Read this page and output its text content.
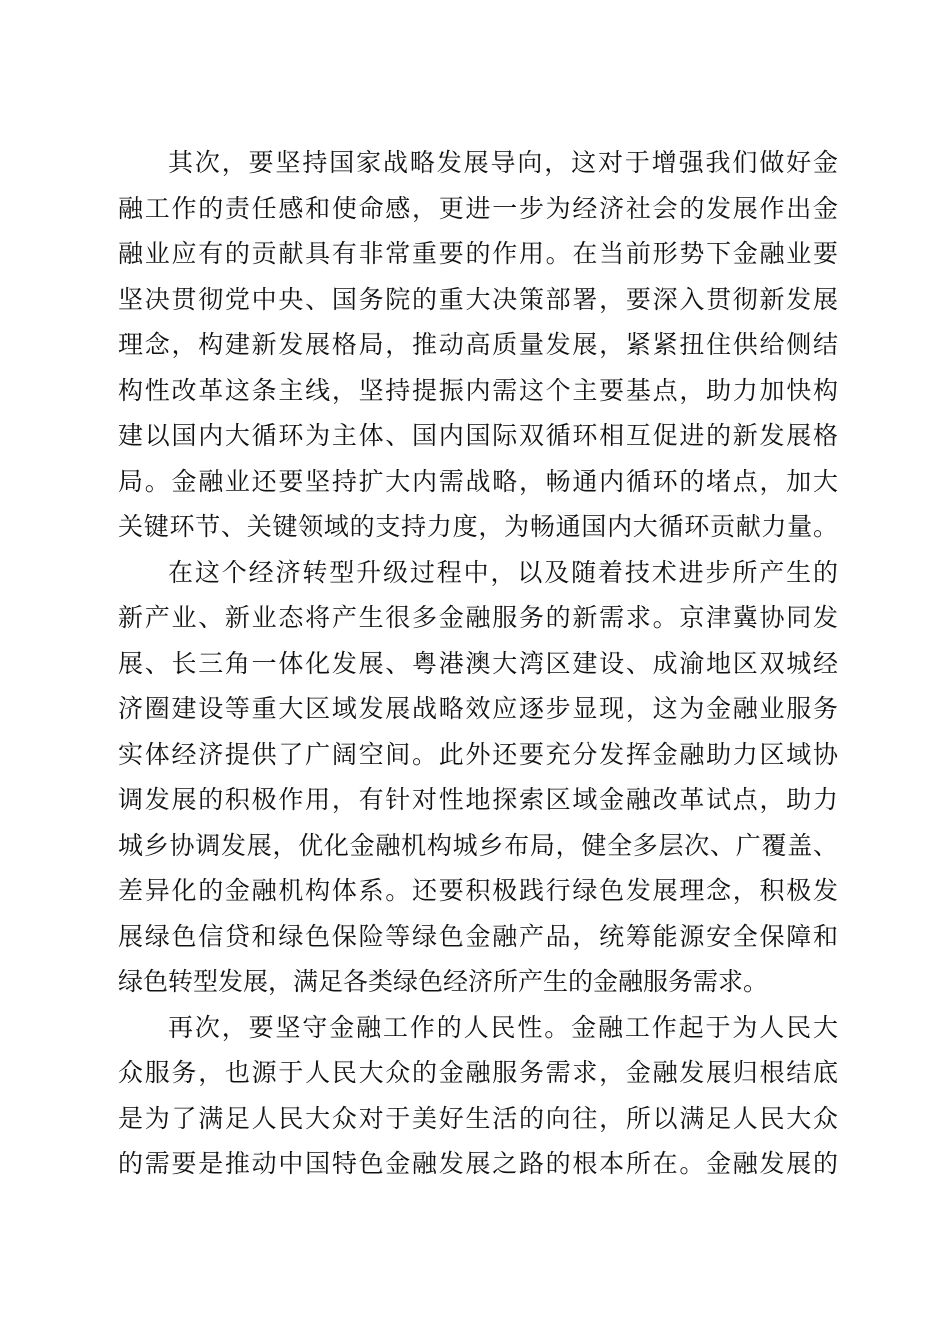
其次，要坚持国家战略发展导向，这对于增强我们做好金
融工作的责任感和使命感，更进一步为经济社会的发展作出金
融业应有的贡献具有非常重要的作用。在当前形势下金融业要
坚决贯彻党中央、国务院的重大决策部署，要深入贯彻新发展
理念，构建新发展格局，推动高质量发展，紧紧扭住供给侧结
构性改革这条主线，坚持提振内需这个主要基点，助力加快构
建以国内大循环为主体、国内国际双循环相互促进的新发展格
局。金融业还要坚持扩大内需战略，畅通内循环的堵点，加大
关键环节、关键领域的支持力度，为畅通国内大循环贡献力量。
在这个经济转型升级过程中，以及随着技术进步所产生的
新产业、新业态将产生很多金融服务的新需求。京津冀协同发
展、长三角一体化发展、粤港澳大湾区建设、成渝地区双城经
济圈建设等重大区域发展战略效应逐步显现，这为金融业服务
实体经济提供了广阔空间。此外还要充分发挥金融助力区域协
调发展的积极作用，有针对性地探索区域金融改革试点，助力
城乡协调发展，优化金融机构城乡布局，健全多层次、广覆盖、
差异化的金融机构体系。还要积极践行绿色发展理念，积极发
展绿色信贷和绿色保险等绿色金融产品，统筹能源安全保障和
绿色转型发展，满足各类绿色经济所产生的金融服务需求。
再次，要坚守金融工作的人民性。金融工作起于为人民大
众服务，也源于人民大众的金融服务需求，金融发展归根结底
是为了满足人民大众对于美好生活的向往，所以满足人民大众
的需要是推动中国特色金融发展之路的根本所在。金融发展的
